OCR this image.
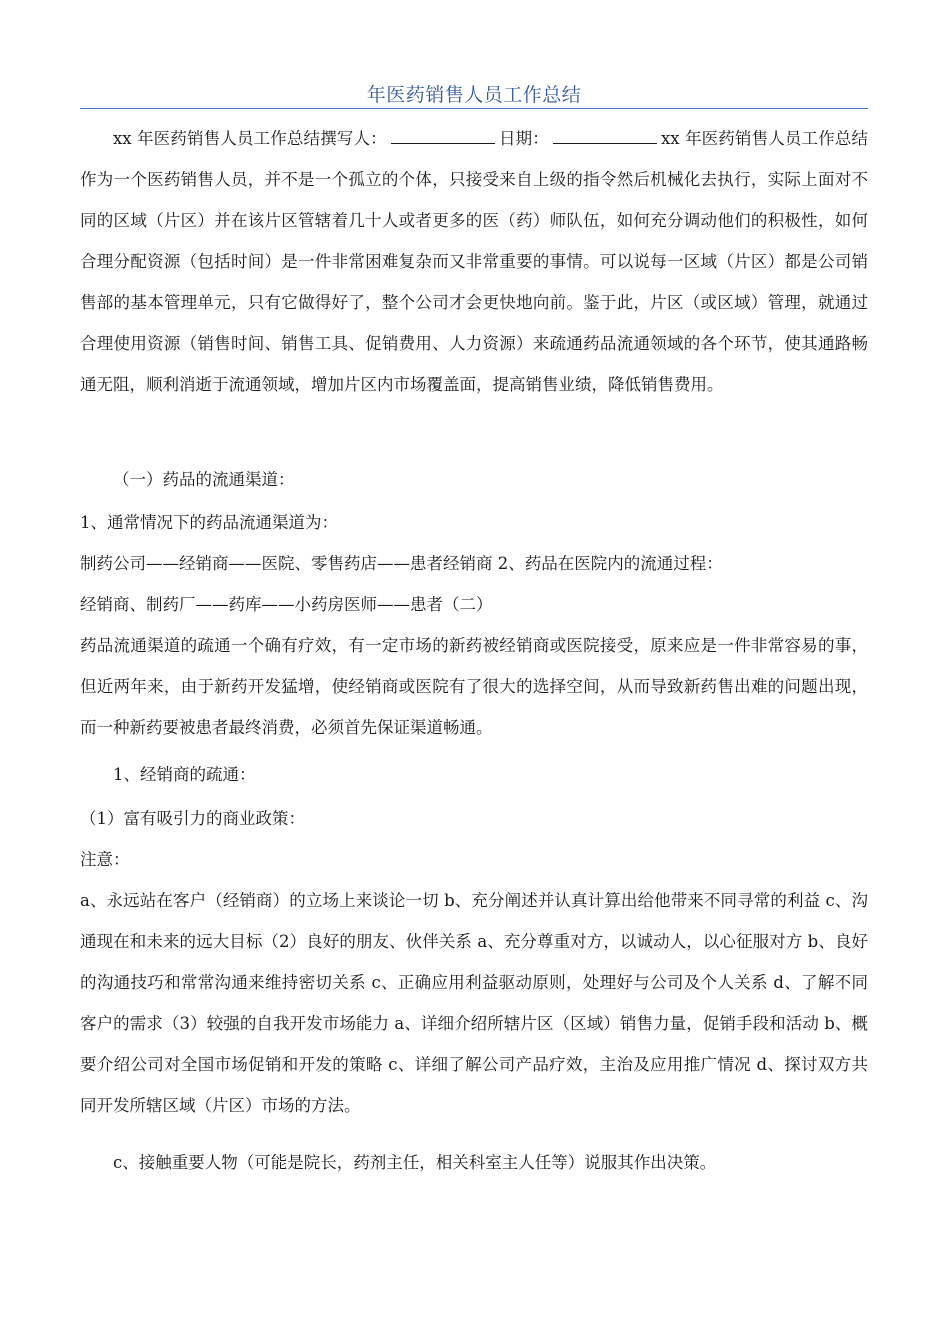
年医药销售人员工作总结

xx 年医药销售人员工作总结撰写人：	日期：	xx 年医药销售人员工作总结作为一个医药销售人员，并不是一个孤立的个体，只接受来自上级的指令然后机械化去执行，实际上面对不同的区域（片区）并在该片区管辖着几十人或者更多的医（药）师队伍，如何充分调动他们的积极性，如何合理分配资源（包括时间）是一件非常困难复杂而又非常重要的事情。可以说每一区域（片区）都是公司销售部的基本管理单元，只有它做得好了，整个公司才会更快地向前。鉴于此，片区（或区域）管理，就通过合理使用资源（销售时间、销售工具、促销费用、人力资源）来疏通药品流通领域的各个环节，使其通路畅通无阻，顺利消逝于流通领域，增加片区内市场覆盖面，提高销售业绩，降低销售费用。

（一）药品的流通渠道：

1、通常情况下的药品流通渠道为：

制药公司——经销商——医院、零售药店——患者经销商 2、药品在医院内的流通过程：

经销商、制药厂——药库——小药房医师——患者（二）

药品流通渠道的疏通一个确有疗效，有一定市场的新药被经销商或医院接受，原来应是一件非常容易的事，但近两年来，由于新药开发猛增，使经销商或医院有了很大的选择空间，从而导致新药售出难的问题出现，而一种新药要被患者最终消费，必须首先保证渠道畅通。

1、经销商的疏通：

（1）富有吸引力的商业政策：

注意：

a、永远站在客户（经销商）的立场上来谈论一切 b、充分阐述并认真计算出给他带来不同寻常的利益 c、沟通现在和未来的远大目标（2）良好的朋友、伙伴关系 a、充分尊重对方，以诚动人，以心征服对方 b、良好的沟通技巧和常常沟通来维持密切关系 c、正确应用利益驱动原则，处理好与公司及个人关系 d、了解不同客户的需求（3）较强的自我开发市场能力 a、详细介绍所辖片区（区域）销售力量，促销手段和活动 b、概要介绍公司对全国市场促销和开发的策略 c、详细了解公司产品疗效，主治及应用推广情况 d、探讨双方共同开发所辖区域（片区）市场的方法。

c、接触重要人物（可能是院长，药剂主任，相关科室主人任等）说服其作出决策。
